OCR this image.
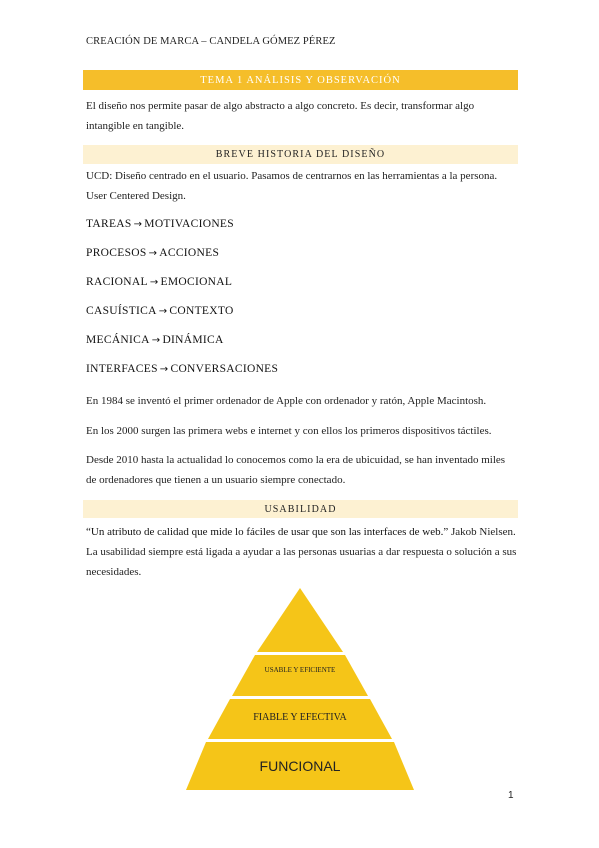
CREACIÓN DE MARCA – CANDELA GÓMEZ PÉREZ
TEMA 1 ANÁLISIS Y OBSERVACIÓN
El diseño nos permite pasar de algo abstracto a algo concreto. Es decir, transformar algo intangible en tangible.
BREVE HISTORIA DEL DISEÑO
UCD: Diseño centrado en el usuario. Pasamos de centrarnos en las herramientas a la persona. User Centered Design.
TAREAS → MOTIVACIONES
PROCESOS → ACCIONES
RACIONAL → EMOCIONAL
CASUÍSTICA → CONTEXTO
MECÁNICA → DINÁMICA
INTERFACES → CONVERSACIONES
En 1984 se inventó el primer ordenador de Apple con ordenador y ratón, Apple Macintosh.
En los 2000 surgen las primera webs e internet y con ellos los primeros dispositivos táctiles.
Desde 2010 hasta la actualidad lo conocemos como la era de ubicuidad, se han inventado miles de ordenadores que tienen a un usuario siempre conectado.
USABILIDAD
“Un atributo de calidad que mide lo fáciles de usar que son las interfaces de web.” Jakob Nielsen. La usabilidad siempre está ligada a ayudar a las personas usuarias a dar respuesta o solución a sus necesidades.
USABLE Y EFICIENTE
FIABLE Y EFECTIVA
FUNCIONAL
1
